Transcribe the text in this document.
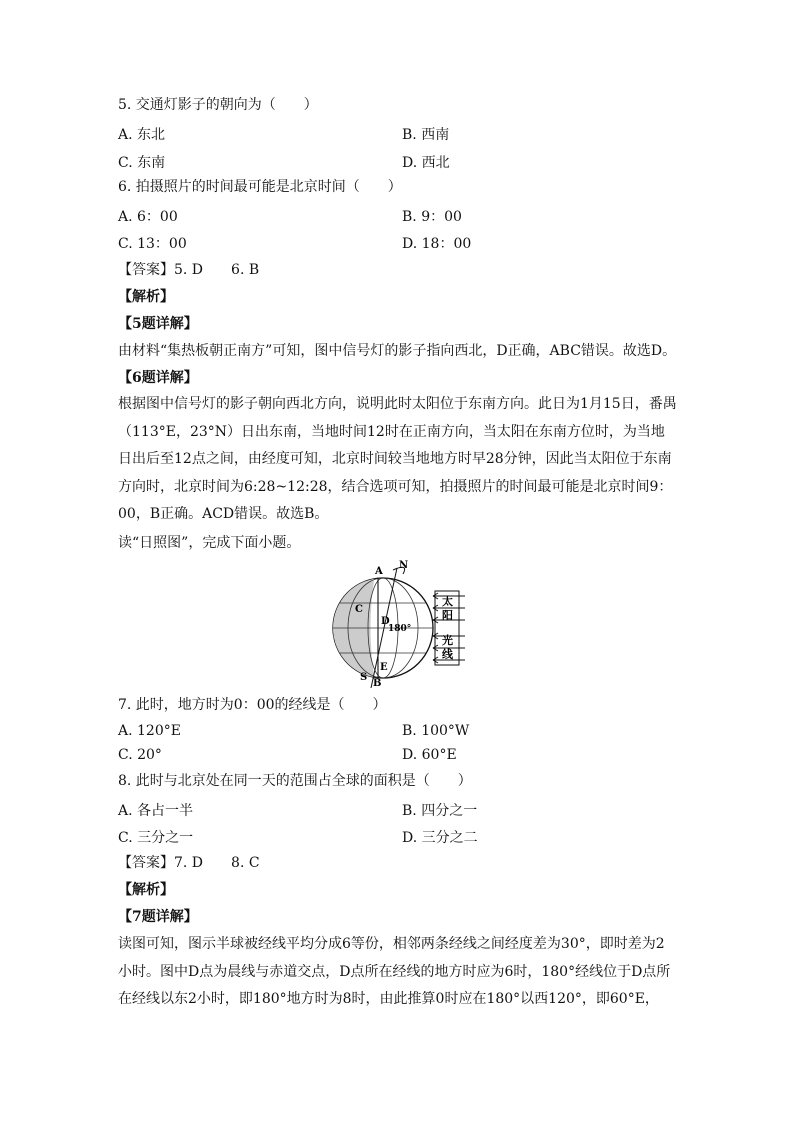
5. 交通灯影子的朝向为（　　）
A. 东北	B. 西南
C. 东南	D. 西北
6. 拍摄照片的时间最可能是北京时间（　　）
A. 6：00	B. 9：00
C. 13：00	D. 18：00
【答案】5. D　　6. B
【解析】
【5题详解】
由材料“集热板朝正南方”可知，图中信号灯的影子指向西北，D正确，ABC错误。故选D。
【6题详解】
根据图中信号灯的影子朝向西北方向，说明此时太阳位于东南方向。此日为1月15日，番禺（113°E，23°N）日出东南，当地时间12时在正南方向，当太阳在东南方位时，为当地日出后至12点之间，由经度可知，北京时间较当地地方时早28分钟，因此当太阳位于东南方向时，北京时间为6:28~12:28，结合选项可知，拍摄照片的时间最可能是北京时间9：00，B正确。ACD错误。故选B。
读“日照图”，完成下面小题。
A
N
C
D
180°
E
S
B
太
阳
光
线
7. 此时，地方时为0：00的经线是（　　）
A. 120°E	B. 100°W
C. 20°	D. 60°E
8. 此时与北京处在同一天的范围占全球的面积是（　　）
A. 各占一半	B. 四分之一
C. 三分之一	D. 三分之二
【答案】7. D　　8. C
【解析】
【7题详解】
读图可知，图示半球被经线平均分成6等份，相邻两条经线之间经度差为30°，即时差为2小时。图中D点为晨线与赤道交点，D点所在经线的地方时应为6时，180°经线位于D点所在经线以东2小时，即180°地方时为8时，由此推算0时应在180°以西120°，即60°E，
